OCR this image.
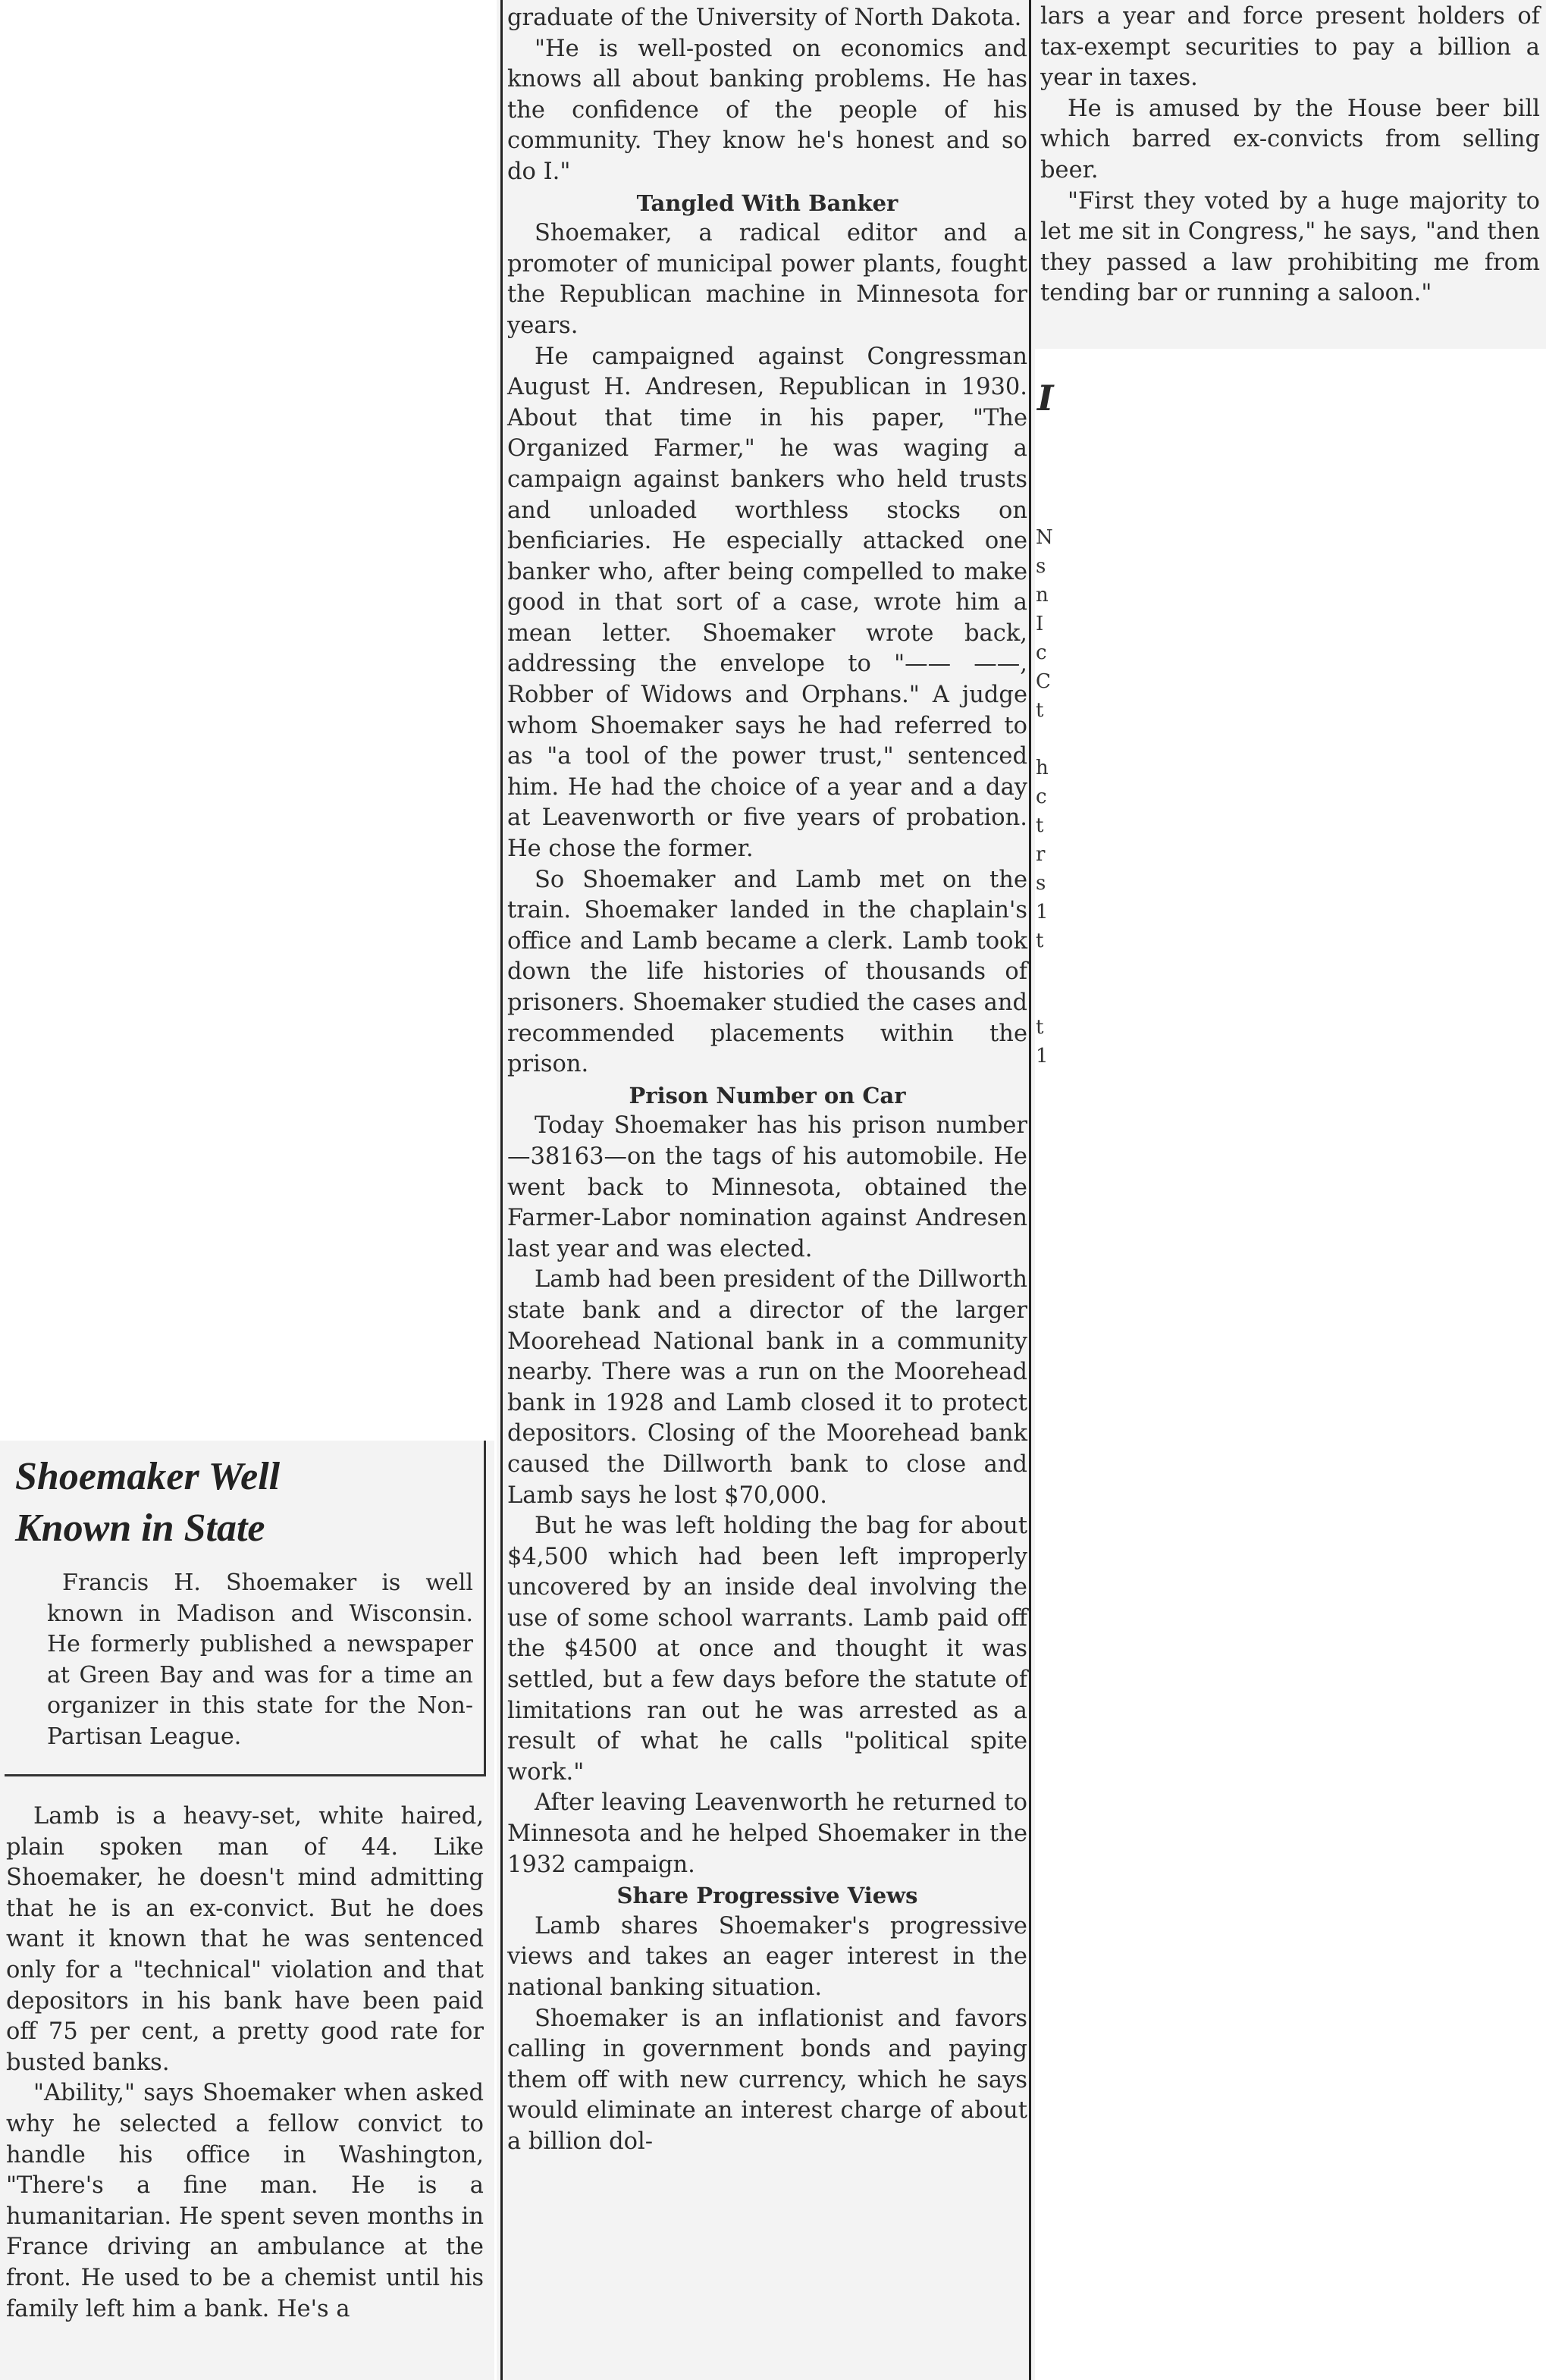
graduate of the University of North Dakota.

"He is well-posted on economics and knows all about banking problems. He has the confidence of the people of his community. They know he's honest and so do I."

Tangled With Banker

Shoemaker, a radical editor and a promoter of municipal power plants, fought the Republican machine in Minnesota for years.

He campaigned against Congressman August H. Andresen, Republican in 1930. About that time in his paper, "The Organized Farmer," he was waging a campaign against bankers who held trusts and unloaded worthless stocks on benficiaries. He especially attacked one banker who, after being compelled to make good in that sort of a case, wrote him a mean letter. Shoemaker wrote back, addressing the envelope to "—— ——, Robber of Widows and Orphans." A judge whom Shoemaker says he had referred to as "a tool of the power trust," sentenced him. He had the choice of a year and a day at Leavenworth or five years of probation. He chose the former.

So Shoemaker and Lamb met on the train. Shoemaker landed in the chaplain's office and Lamb became a clerk. Lamb took down the life histories of thousands of prisoners. Shoemaker studied the cases and recommended placements within the prison.

Prison Number on Car

Today Shoemaker has his prison number—38163—on the tags of his automobile. He went back to Minnesota, obtained the Farmer-Labor nomination against Andresen last year and was elected.

Lamb had been president of the Dillworth state bank and a director of the larger Moorehead National bank in a community nearby. There was a run on the Moorehead bank in 1928 and Lamb closed it to protect depositors. Closing of the Moorehead bank caused the Dillworth bank to close and Lamb says he lost $70,000.

But he was left holding the bag for about $4,500 which had been left improperly uncovered by an inside deal involving the use of some school warrants. Lamb paid off the $4500 at once and thought it was settled, but a few days before the statute of limitations ran out he was arrested as a result of what he calls "political spite work."

After leaving Leavenworth he returned to Minnesota and he helped Shoemaker in the 1932 campaign.

Share Progressive Views

Lamb shares Shoemaker's progressive views and takes an eager interest in the national banking situation.

Shoemaker is an inflationist and favors calling in government bonds and paying them off with new currency, which he says would eliminate an interest charge of about a billion dol-

lars a year and force present holders of tax-exempt securities to pay a billion a year in taxes.

He is amused by the House beer bill which barred ex-convicts from selling beer.

"First they voted by a huge majority to let me sit in Congress," he says, "and then they passed a law prohibiting me from tending bar or running a saloon."

I
N
s
n
I
c
C
t
h
c
t
r
s
1
t
t
1
Shoemaker Well
Known in State

Francis H. Shoemaker is well known in Madison and Wisconsin. He formerly published a newspaper at Green Bay and was for a time an organizer in this state for the Non-Partisan League.

Lamb is a heavy-set, white haired, plain spoken man of 44. Like Shoemaker, he doesn't mind admitting that he is an ex-convict. But he does want it known that he was sentenced only for a "technical" violation and that depositors in his bank have been paid off 75 per cent, a pretty good rate for busted banks.

"Ability," says Shoemaker when asked why he selected a fellow convict to handle his office in Washington, "There's a fine man. He is a humanitarian. He spent seven months in France driving an ambulance at the front. He used to be a chemist until his family left him a bank. He's a
